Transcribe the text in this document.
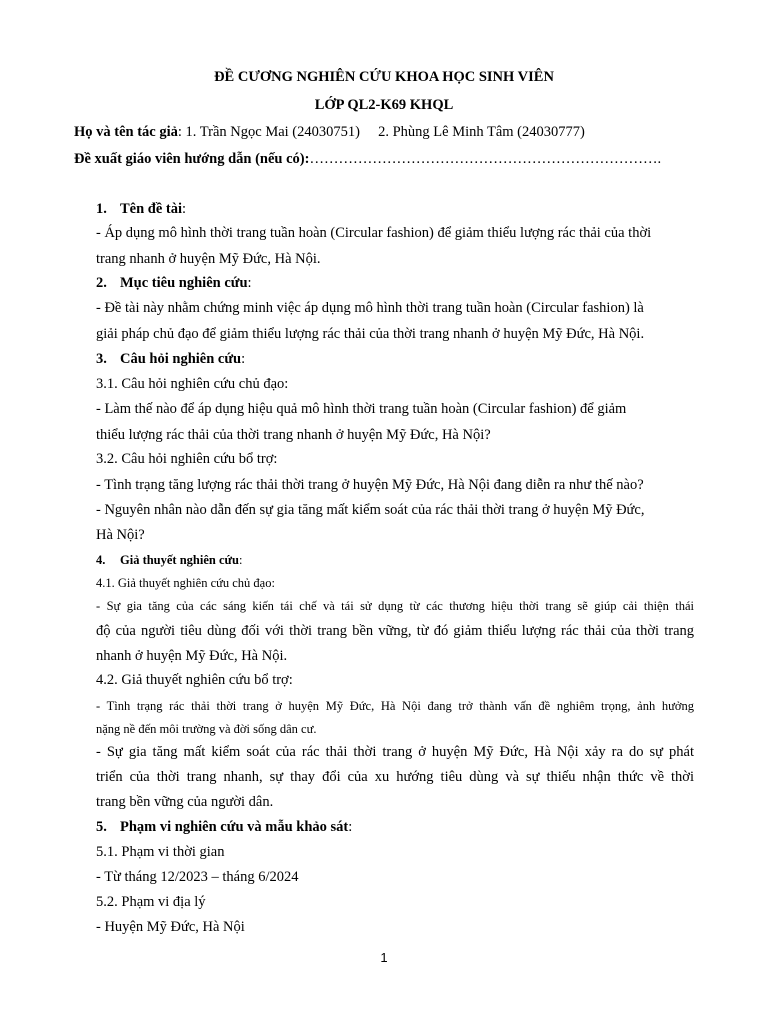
ĐỀ CƯƠNG NGHIÊN CỨU KHOA HỌC SINH VIÊN
LỚP QL2-K69 KHQL
Họ và tên tác giả: 1. Trần Ngọc Mai (24030751)     2. Phùng Lê Minh Tâm (24030777)
Đề xuất giáo viên hướng dẫn (nếu có):……………………………………………………………….
1. Tên đề tài:
- Áp dụng mô hình thời trang tuần hoàn (Circular fashion) để giảm thiểu lượng rác thải của thời
trang nhanh ở huyện Mỹ Đức, Hà Nội.
2. Mục tiêu nghiên cứu:
- Đề tài này nhằm chứng minh việc áp dụng mô hình thời trang tuần hoàn (Circular fashion) là
giải pháp chủ đạo để giảm thiểu lượng rác thải của thời trang nhanh ở huyện Mỹ Đức, Hà Nội.
3. Câu hỏi nghiên cứu:
3.1. Câu hỏi nghiên cứu chủ đạo:
- Làm thế nào để áp dụng hiệu quả mô hình thời trang tuần hoàn (Circular fashion) để giảm
thiểu lượng rác thải của thời trang nhanh ở huyện Mỹ Đức, Hà Nội?
3.2. Câu hỏi nghiên cứu bổ trợ:
- Tình trạng tăng lượng rác thải thời trang ở huyện Mỹ Đức, Hà Nội đang diễn ra như thế nào?
- Nguyên nhân nào dẫn đến sự gia tăng mất kiểm soát của rác thải thời trang ở huyện Mỹ Đức,
Hà Nội?
4. Giả thuyết nghiên cứu:
4.1. Giả thuyết nghiên cứu chủ đạo:
- Sự gia tăng của các sáng kiến tái chế và tái sử dụng từ các thương hiệu thời trang sẽ giúp cải thiện thái
độ của người tiêu dùng đối với thời trang bền vững, từ đó giảm thiểu lượng rác thải của thời trang
nhanh ở huyện Mỹ Đức, Hà Nội.
4.2. Giả thuyết nghiên cứu bổ trợ:
- Tình trạng rác thải thời trang ở huyện Mỹ Đức, Hà Nội đang trở thành vấn đề nghiêm trọng, ảnh hưởng
nặng nề đến môi trường và đời sống dân cư.
- Sự gia tăng mất kiểm soát của rác thải thời trang ở huyện Mỹ Đức, Hà Nội xảy ra do sự phát
triển của thời trang nhanh, sự thay đổi của xu hướng tiêu dùng và sự thiếu nhận thức về thời
trang bền vững của người dân.
5. Phạm vi nghiên cứu và mẫu khảo sát:
5.1. Phạm vi thời gian
- Từ tháng 12/2023 – tháng 6/2024
5.2. Phạm vi địa lý
- Huyện Mỹ Đức, Hà Nội
1
